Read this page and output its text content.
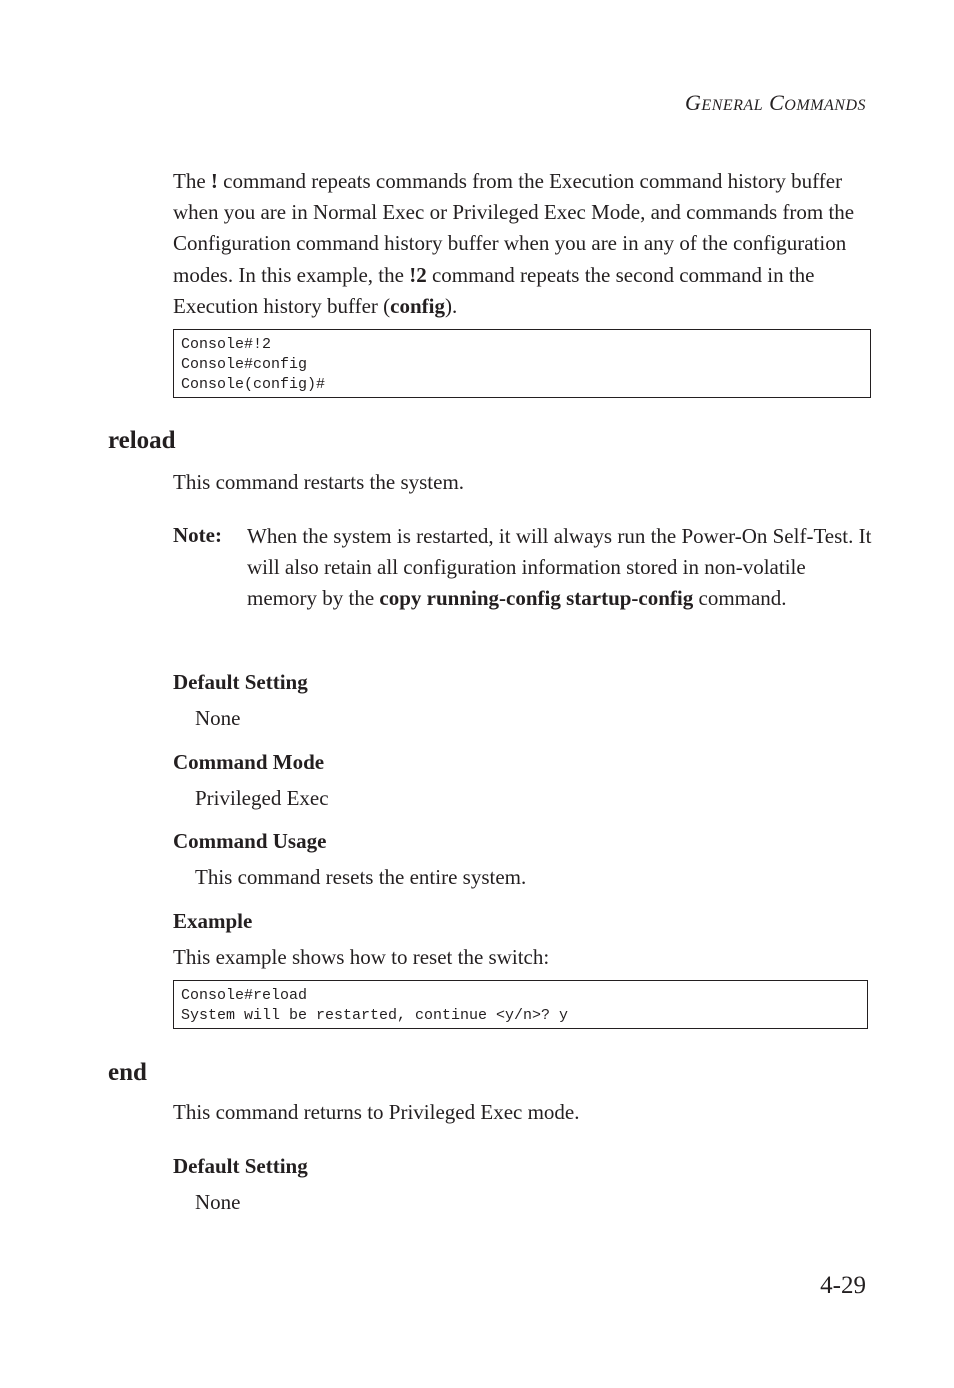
GENERAL COMMANDS
The ! command repeats commands from the Execution command history buffer when you are in Normal Exec or Privileged Exec Mode, and commands from the Configuration command history buffer when you are in any of the configuration modes. In this example, the !2 command repeats the second command in the Execution history buffer (config).
Console#!2
Console#config
Console(config)#
reload
This command restarts the system.
Note: When the system is restarted, it will always run the Power-On Self-Test. It will also retain all configuration information stored in non-volatile memory by the copy running-config startup-config command.
Default Setting
None
Command Mode
Privileged Exec
Command Usage
This command resets the entire system.
Example
This example shows how to reset the switch:
Console#reload
System will be restarted, continue <y/n>? y
end
This command returns to Privileged Exec mode.
Default Setting
None
4-29
